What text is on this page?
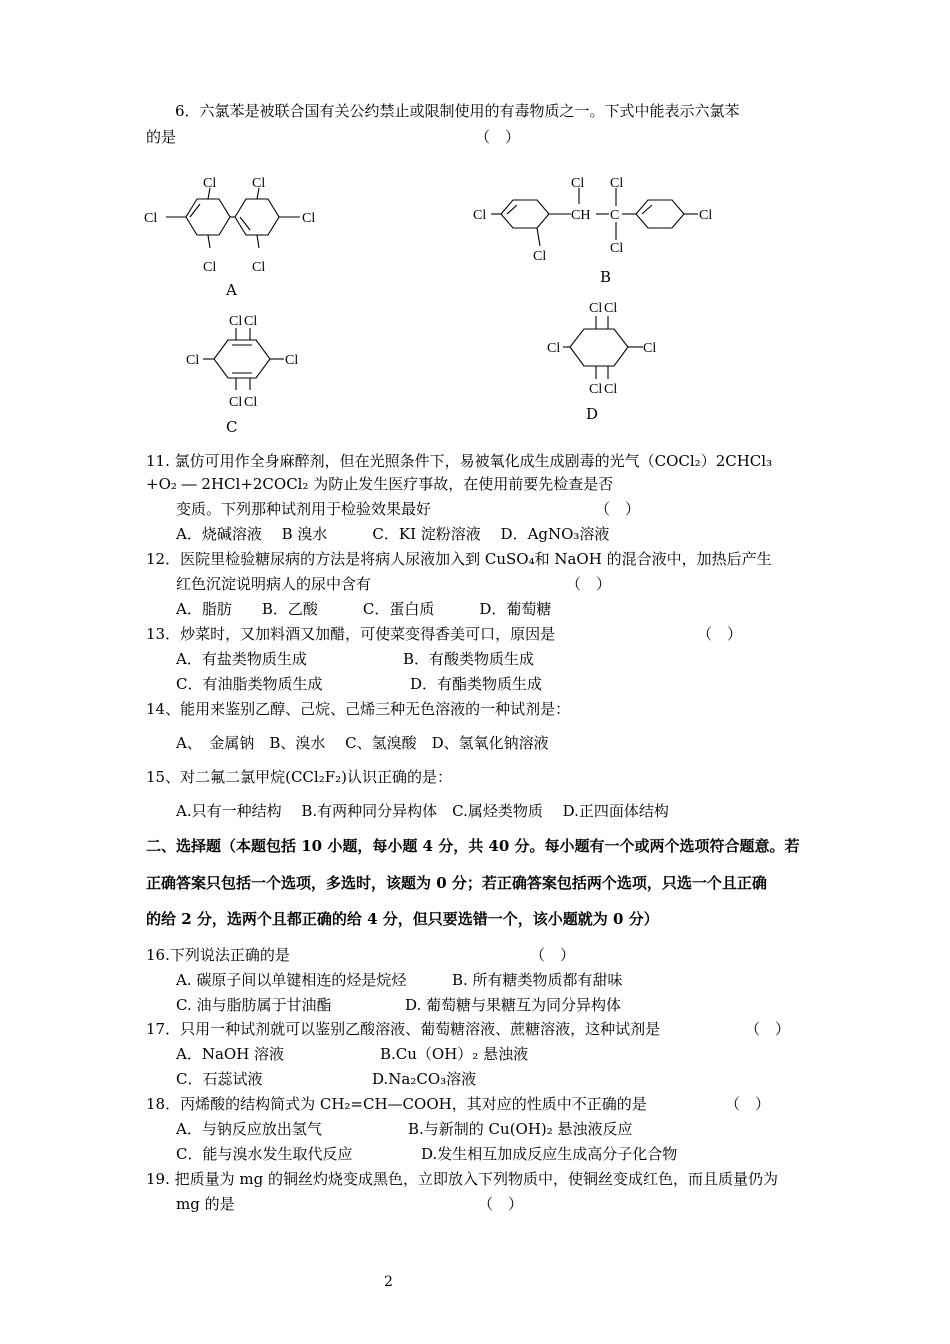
6．六氯苯是被联合国有关公约禁止或限制使用的有毒物质之一。下式中能表示六氯苯
的是	（　）
Cl	Cl
Cl	Cl
Cl	Cl
Cl
Cl
CH
Cl
C
Cl
Cl
Cl
Cl Cl
Cl	Cl
Cl Cl
Cl Cl
Cl	Cl
Cl Cl
A
B
C
D
11. 氯仿可用作全身麻醉剂，但在光照条件下，易被氧化成生成剧毒的光气（COCl₂）2CHCl₃
+O₂ ⎯⎯ 2HCl+2COCl₂ 为防止发生医疗事故，在使用前要先检查是否
变质。下列那种试剂用于检验效果最好	（　）
A．烧碱溶液　 B 溴水　　　C．KI 淀粉溶液　 D．AgNO₃溶液
12．医院里检验糖尿病的方法是将病人尿液加入到 CuSO₄和 NaOH 的混合液中，加热后产生
红色沉淀说明病人的尿中含有	（　）
A．脂肪　　B．乙酸　　　C．蛋白质　　　D．葡萄糖
13．炒菜时，又加料酒又加醋，可使菜变得香美可口，原因是	（　）
A．有盐类物质生成	B．有酸类物质生成
C．有油脂类物质生成	D．有酯类物质生成
14、能用来鉴别乙醇、己烷、己烯三种无色溶液的一种试剂是：
A、　金属钠　B、溴水　 C、氢溴酸　D、氢氧化钠溶液
15、对二氟二氯甲烷(CCl₂F₂)认识正确的是：
A.只有一种结构　 B.有两种同分异构体　C.属烃类物质　 D.正四面体结构
二、选择题（本题包括 10 小题，每小题 4 分，共 40 分。每小题有一个或两个选项符合题意。若
正确答案只包括一个选项，多选时，该题为 0 分；若正确答案包括两个选项，只选一个且正确
的给 2 分，选两个且都正确的给 4 分，但只要选错一个，该小题就为 0 分）
16.下列说法正确的是	（　）
A. 碳原子间以单键相连的烃是烷烃	B. 所有糖类物质都有甜味
C. 油与脂肪属于甘油酯	D. 葡萄糖与果糖互为同分异构体
17．只用一种试剂就可以鉴别乙酸溶液、葡萄糖溶液、蔗糖溶液，这种试剂是	（　）
A．NaOH 溶液	B.Cu（OH）₂ 悬浊液
C．石蕊试液	D.Na₂CO₃溶液
18．丙烯酸的结构简式为 CH₂=CH—COOH，其对应的性质中不正确的是	（　）
A．与钠反应放出氢气	B.与新制的 Cu(OH)₂ 悬浊液反应
C．能与溴水发生取代反应	D.发生相互加成反应生成高分子化合物
19. 把质量为 mg 的铜丝灼烧变成黑色，立即放入下列物质中，使铜丝变成红色，而且质量仍为
mg 的是	（　）
2
